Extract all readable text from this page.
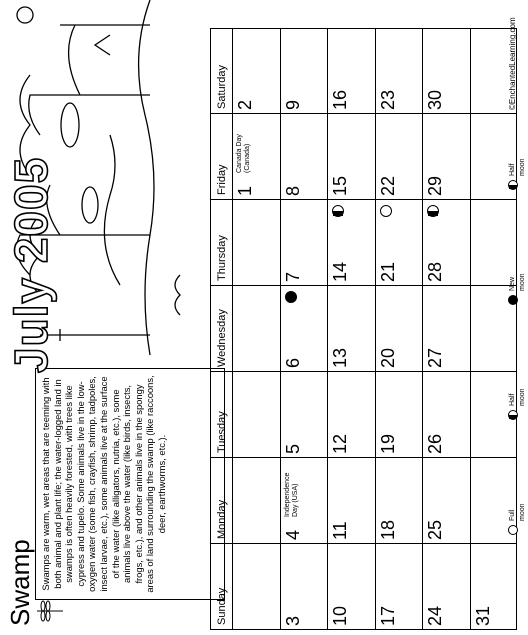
Swamp Swamps are warm, wet areas that are teeming with both animal and plant life; the water-logged land in swamps is often heavily forested, with trees like cypress and tupelo. Some animals live in the low-oxygen water (some fish, crayfish, shrimp, tadpoles, insect larvae, etc.), some animals live at the surface of the water (like alligators, nutria, etc.), some animals live above the water (like birds, insects, frogs, etc.), and other animals live in the spongy areas of land surrounding the swamp (like raccoons, deer, earthworms, etc.).
July 2005
©EnchantedLearning.com
Sunday
Monday
Tuesday
Wednesday
Thursday
Friday
Saturday
1
Canada Day (Canada)
2
3
4
Independence Day (USA)
5
6
7
8
9
10
11
12
13
14
15
16
17
18
19
20
21
22
23
24
25
26
27
28
29
30
31
Full moon
Half moon
New moon
Half moon
